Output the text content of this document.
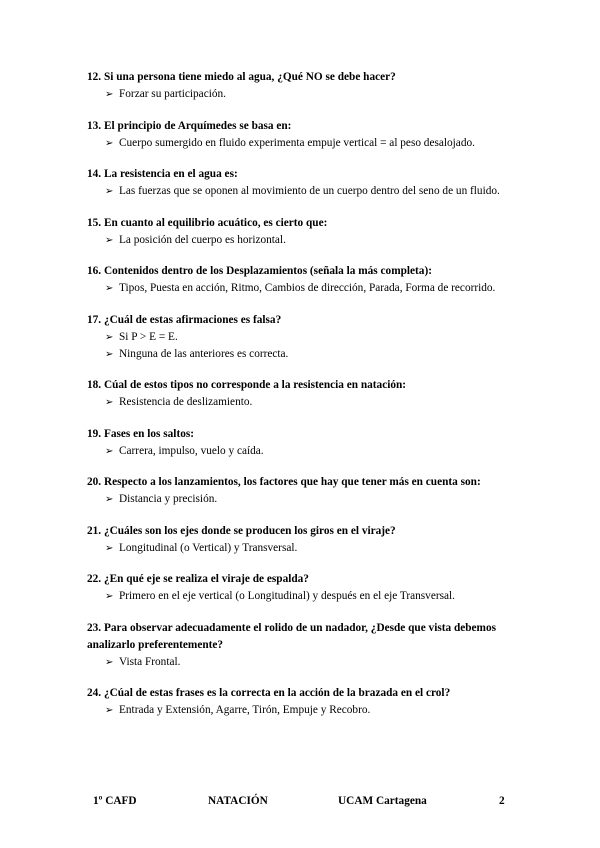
12. Si una persona tiene miedo al agua, ¿Qué NO se debe hacer?
➢ Forzar su participación.
13. El principio de Arquímedes se basa en:
➢ Cuerpo sumergido en fluido experimenta empuje vertical = al peso desalojado.
14. La resistencia en el agua es:
➢ Las fuerzas que se oponen al movimiento de un cuerpo dentro del seno de un fluido.
15. En cuanto al equilibrio acuático, es cierto que:
➢ La posición del cuerpo es horizontal.
16. Contenidos dentro de los Desplazamientos (señala la más completa):
➢ Tipos, Puesta en acción, Ritmo, Cambios de dirección, Parada, Forma de recorrido.
17. ¿Cuál de estas afirmaciones es falsa?
➢ Si P > E = E.
➢ Ninguna de las anteriores es correcta.
18. Cúal de estos tipos no corresponde a la resistencia en natación:
➢ Resistencia de deslizamiento.
19. Fases en los saltos:
➢ Carrera, impulso, vuelo y caída.
20. Respecto a los lanzamientos, los factores que hay que tener más en cuenta son:
➢ Distancia y precisión.
21. ¿Cuáles son los ejes donde se producen los giros en el viraje?
➢ Longitudinal (o Vertical) y Transversal.
22. ¿En qué eje se realiza el viraje de espalda?
➢ Primero en el eje vertical (o Longitudinal) y después en el eje Transversal.
23. Para observar adecuadamente el rolido de un nadador, ¿Desde que vista debemos analizarlo preferentemente?
➢ Vista Frontal.
24. ¿Cúal de estas frases es la correcta en la acción de la brazada en el crol?
➢ Entrada y Extensión, Agarre, Tirón, Empuje y Recobro.
1º CAFD	NATACIÓN	UCAM Cartagena	2
